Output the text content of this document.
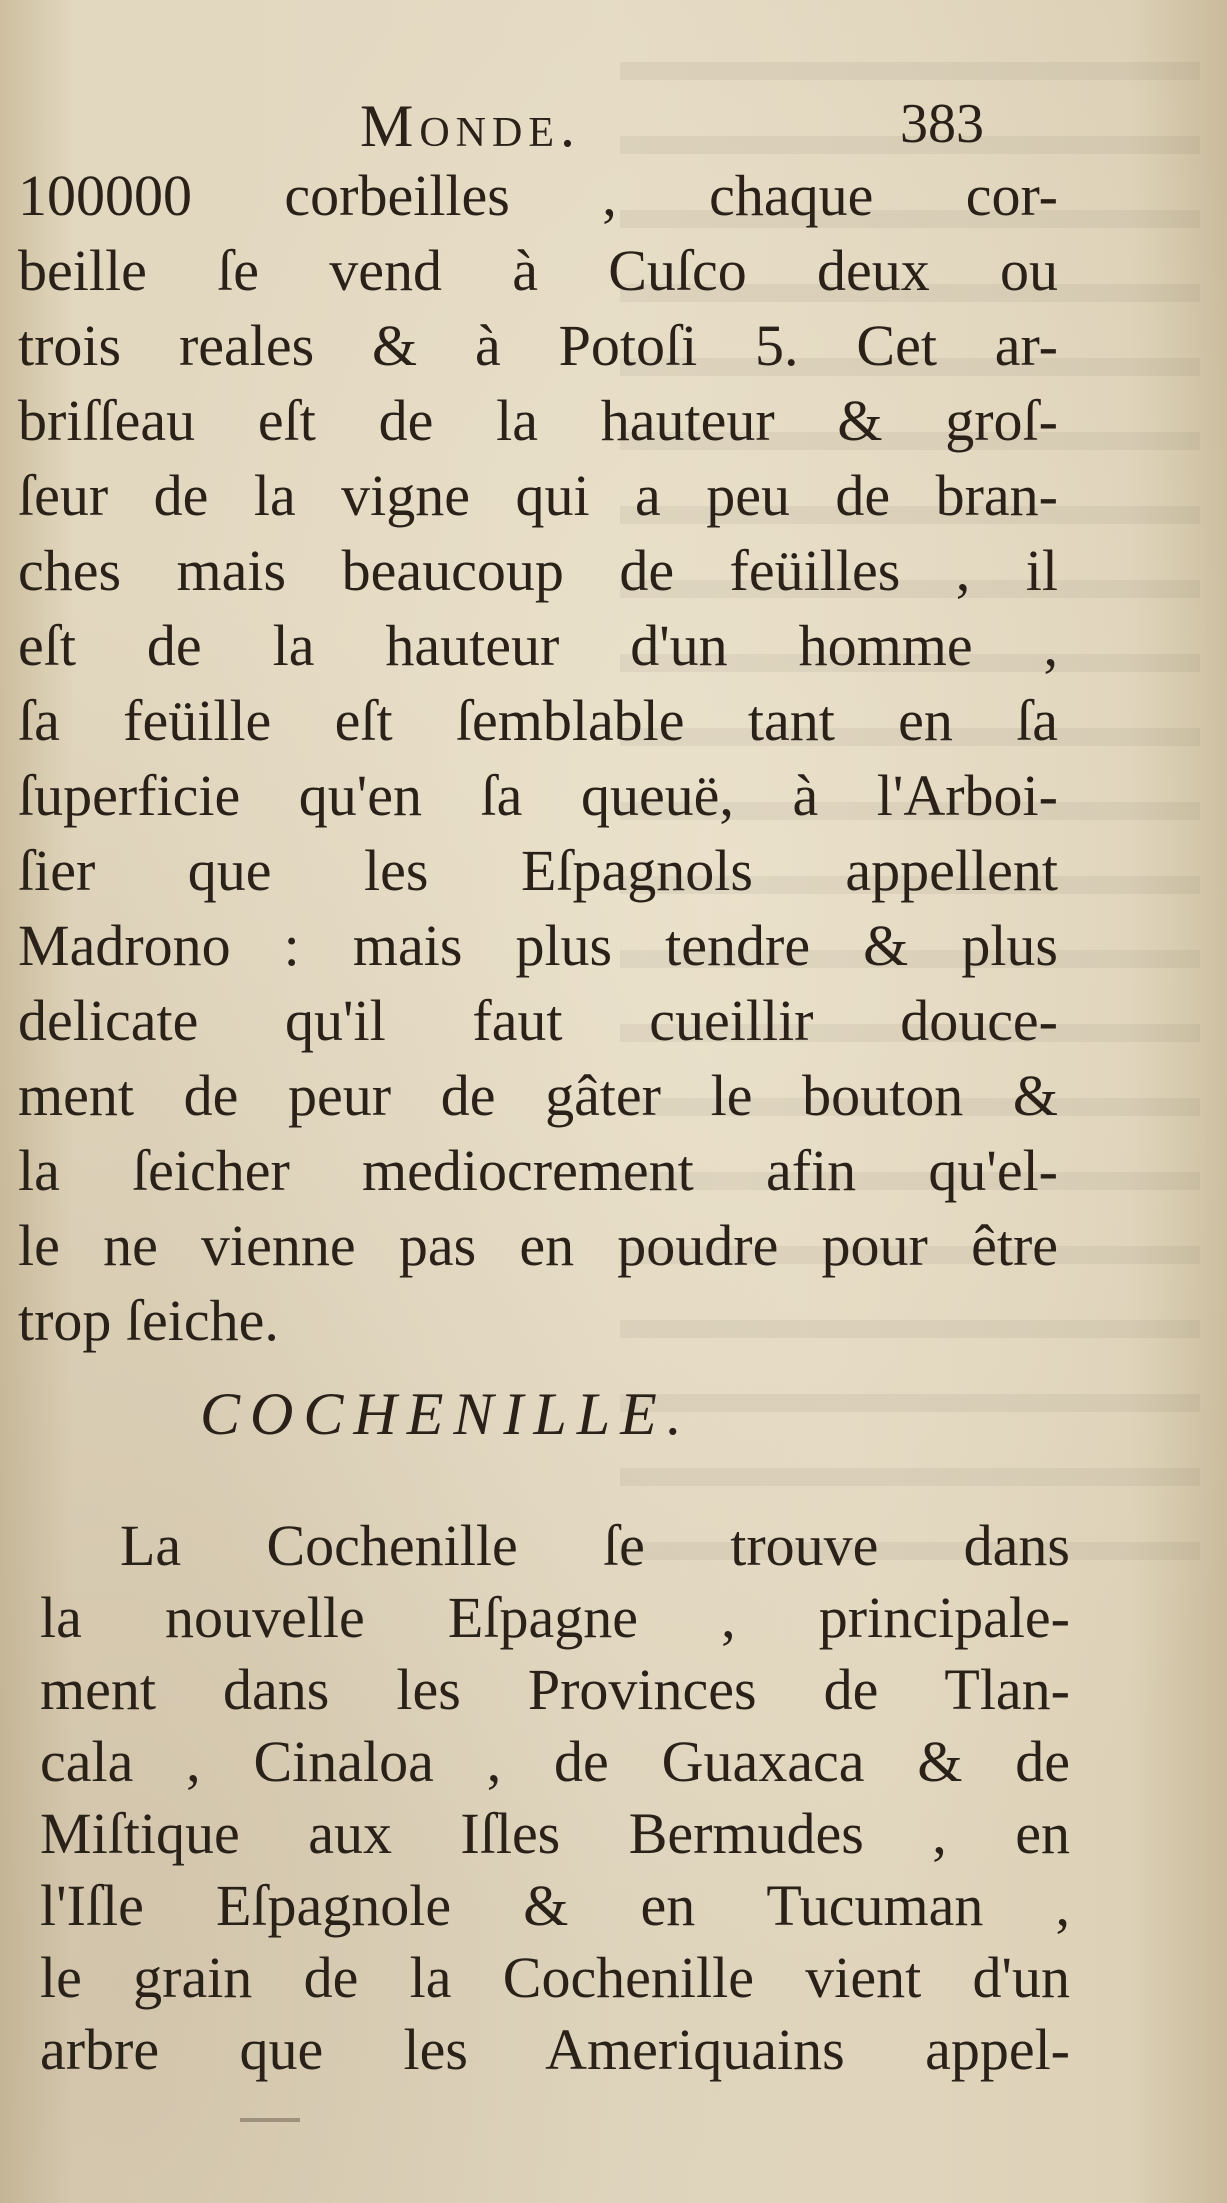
Monde.	383
100000 corbeilles , chaque cor-
beille ſe vend à Cuſco deux ou
trois reales & à Potoſi 5. Cet ar-
briſſeau eſt de la hauteur & groſ-
ſeur de la vigne qui a peu de bran-
ches mais beaucoup de feüilles , il
eſt de la hauteur d'un homme ,
ſa feüille eſt ſemblable tant en ſa
ſuperficie qu'en ſa queuë, à l'Arboi-
ſier que les Eſpagnols appellent
Madrono : mais plus tendre & plus
delicate qu'il faut cueillir douce-
ment de peur de gâter le bouton &
la ſeicher mediocrement afin qu'el-
le ne vienne pas en poudre pour être
trop ſeiche.
COCHENILLE.
La Cochenille ſe trouve dans
la nouvelle Eſpagne , principale-
ment dans les Provinces de Tlan-
cala , Cinaloa , de Guaxaca & de
Miſtique aux Iſles Bermudes , en
l'Iſle Eſpagnole & en Tucuman ,
le grain de la Cochenille vient d'un
arbre que les Ameriquains appel-
